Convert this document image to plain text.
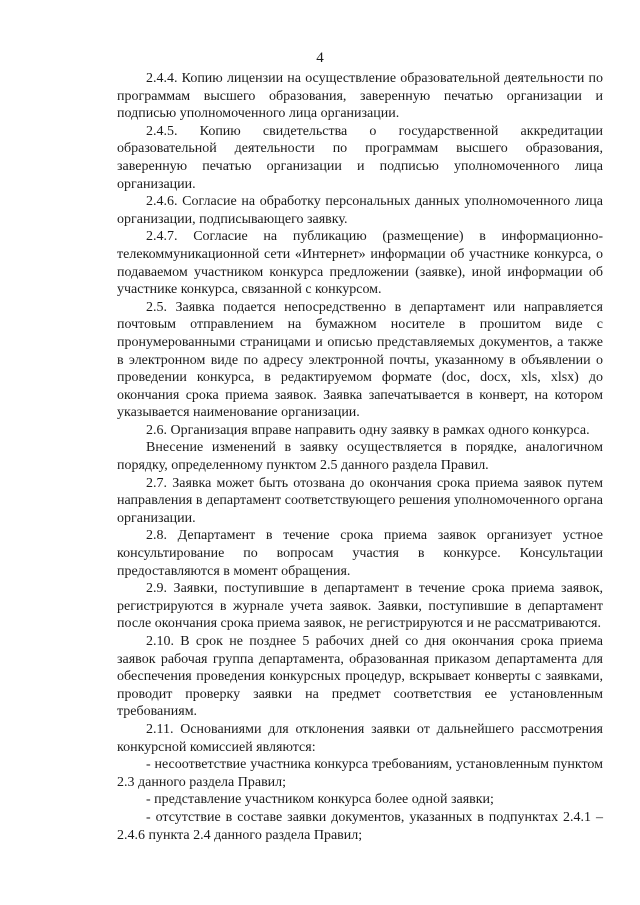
4

2.4.4. Копию лицензии на осуществление образовательной деятельности по программам высшего образования, заверенную печатью организации и подписью уполномоченного лица организации.

2.4.5. Копию свидетельства о государственной аккредитации образовательной деятельности по программам высшего образования, заверенную печатью организации и подписью уполномоченного лица организации.

2.4.6. Согласие на обработку персональных данных уполномоченного лица организации, подписывающего заявку.

2.4.7. Согласие на публикацию (размещение) в информационно-телекоммуникационной сети «Интернет» информации об участнике конкурса, о подаваемом участником конкурса предложении (заявке), иной информации об участнике конкурса, связанной с конкурсом.

2.5. Заявка подается непосредственно в департамент или направляется почтовым отправлением на бумажном носителе в прошитом виде с пронумерованными страницами и описью представляемых документов, а также в электронном виде по адресу электронной почты, указанному в объявлении о проведении конкурса, в редактируемом формате (doc, docx, xls, xlsx) до окончания срока приема заявок. Заявка запечатывается в конверт, на котором указывается наименование организации.

2.6. Организация вправе направить одну заявку в рамках одного конкурса.

Внесение изменений в заявку осуществляется в порядке, аналогичном порядку, определенному пунктом 2.5 данного раздела Правил.

2.7. Заявка может быть отозвана до окончания срока приема заявок путем направления в департамент соответствующего решения уполномоченного органа организации.

2.8. Департамент в течение срока приема заявок организует устное консультирование по вопросам участия в конкурсе. Консультации предоставляются в момент обращения.

2.9. Заявки, поступившие в департамент в течение срока приема заявок, регистрируются в журнале учета заявок. Заявки, поступившие в департамент после окончания срока приема заявок, не регистрируются и не рассматриваются.

2.10. В срок не позднее 5 рабочих дней со дня окончания срока приема заявок рабочая группа департамента, образованная приказом департамента для обеспечения проведения конкурсных процедур, вскрывает конверты с заявками, проводит проверку заявки на предмет соответствия ее установленным требованиям.

2.11. Основаниями для отклонения заявки от дальнейшего рассмотрения конкурсной комиссией являются:

- несоответствие участника конкурса требованиям, установленным пунктом 2.3 данного раздела Правил;

- представление участником конкурса более одной заявки;

- отсутствие в составе заявки документов, указанных в подпунктах 2.4.1 – 2.4.6 пункта 2.4 данного раздела Правил;
